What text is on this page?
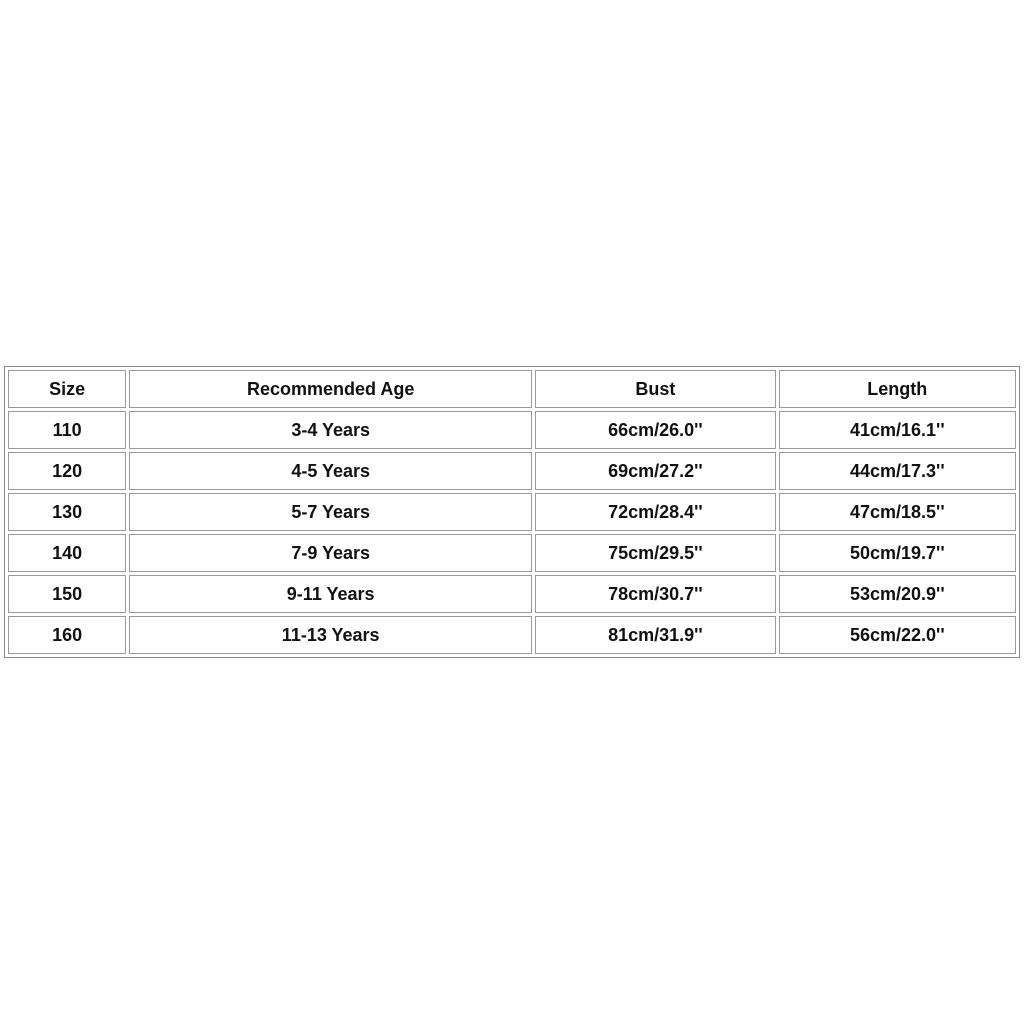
Size	Recommended Age	Bust	Length
110	3-4 Years	66cm/26.0''	41cm/16.1''
120	4-5 Years	69cm/27.2''	44cm/17.3''
130	5-7 Years	72cm/28.4''	47cm/18.5''
140	7-9 Years	75cm/29.5''	50cm/19.7''
150	9-11 Years	78cm/30.7''	53cm/20.9''
160	11-13 Years	81cm/31.9''	56cm/22.0''
